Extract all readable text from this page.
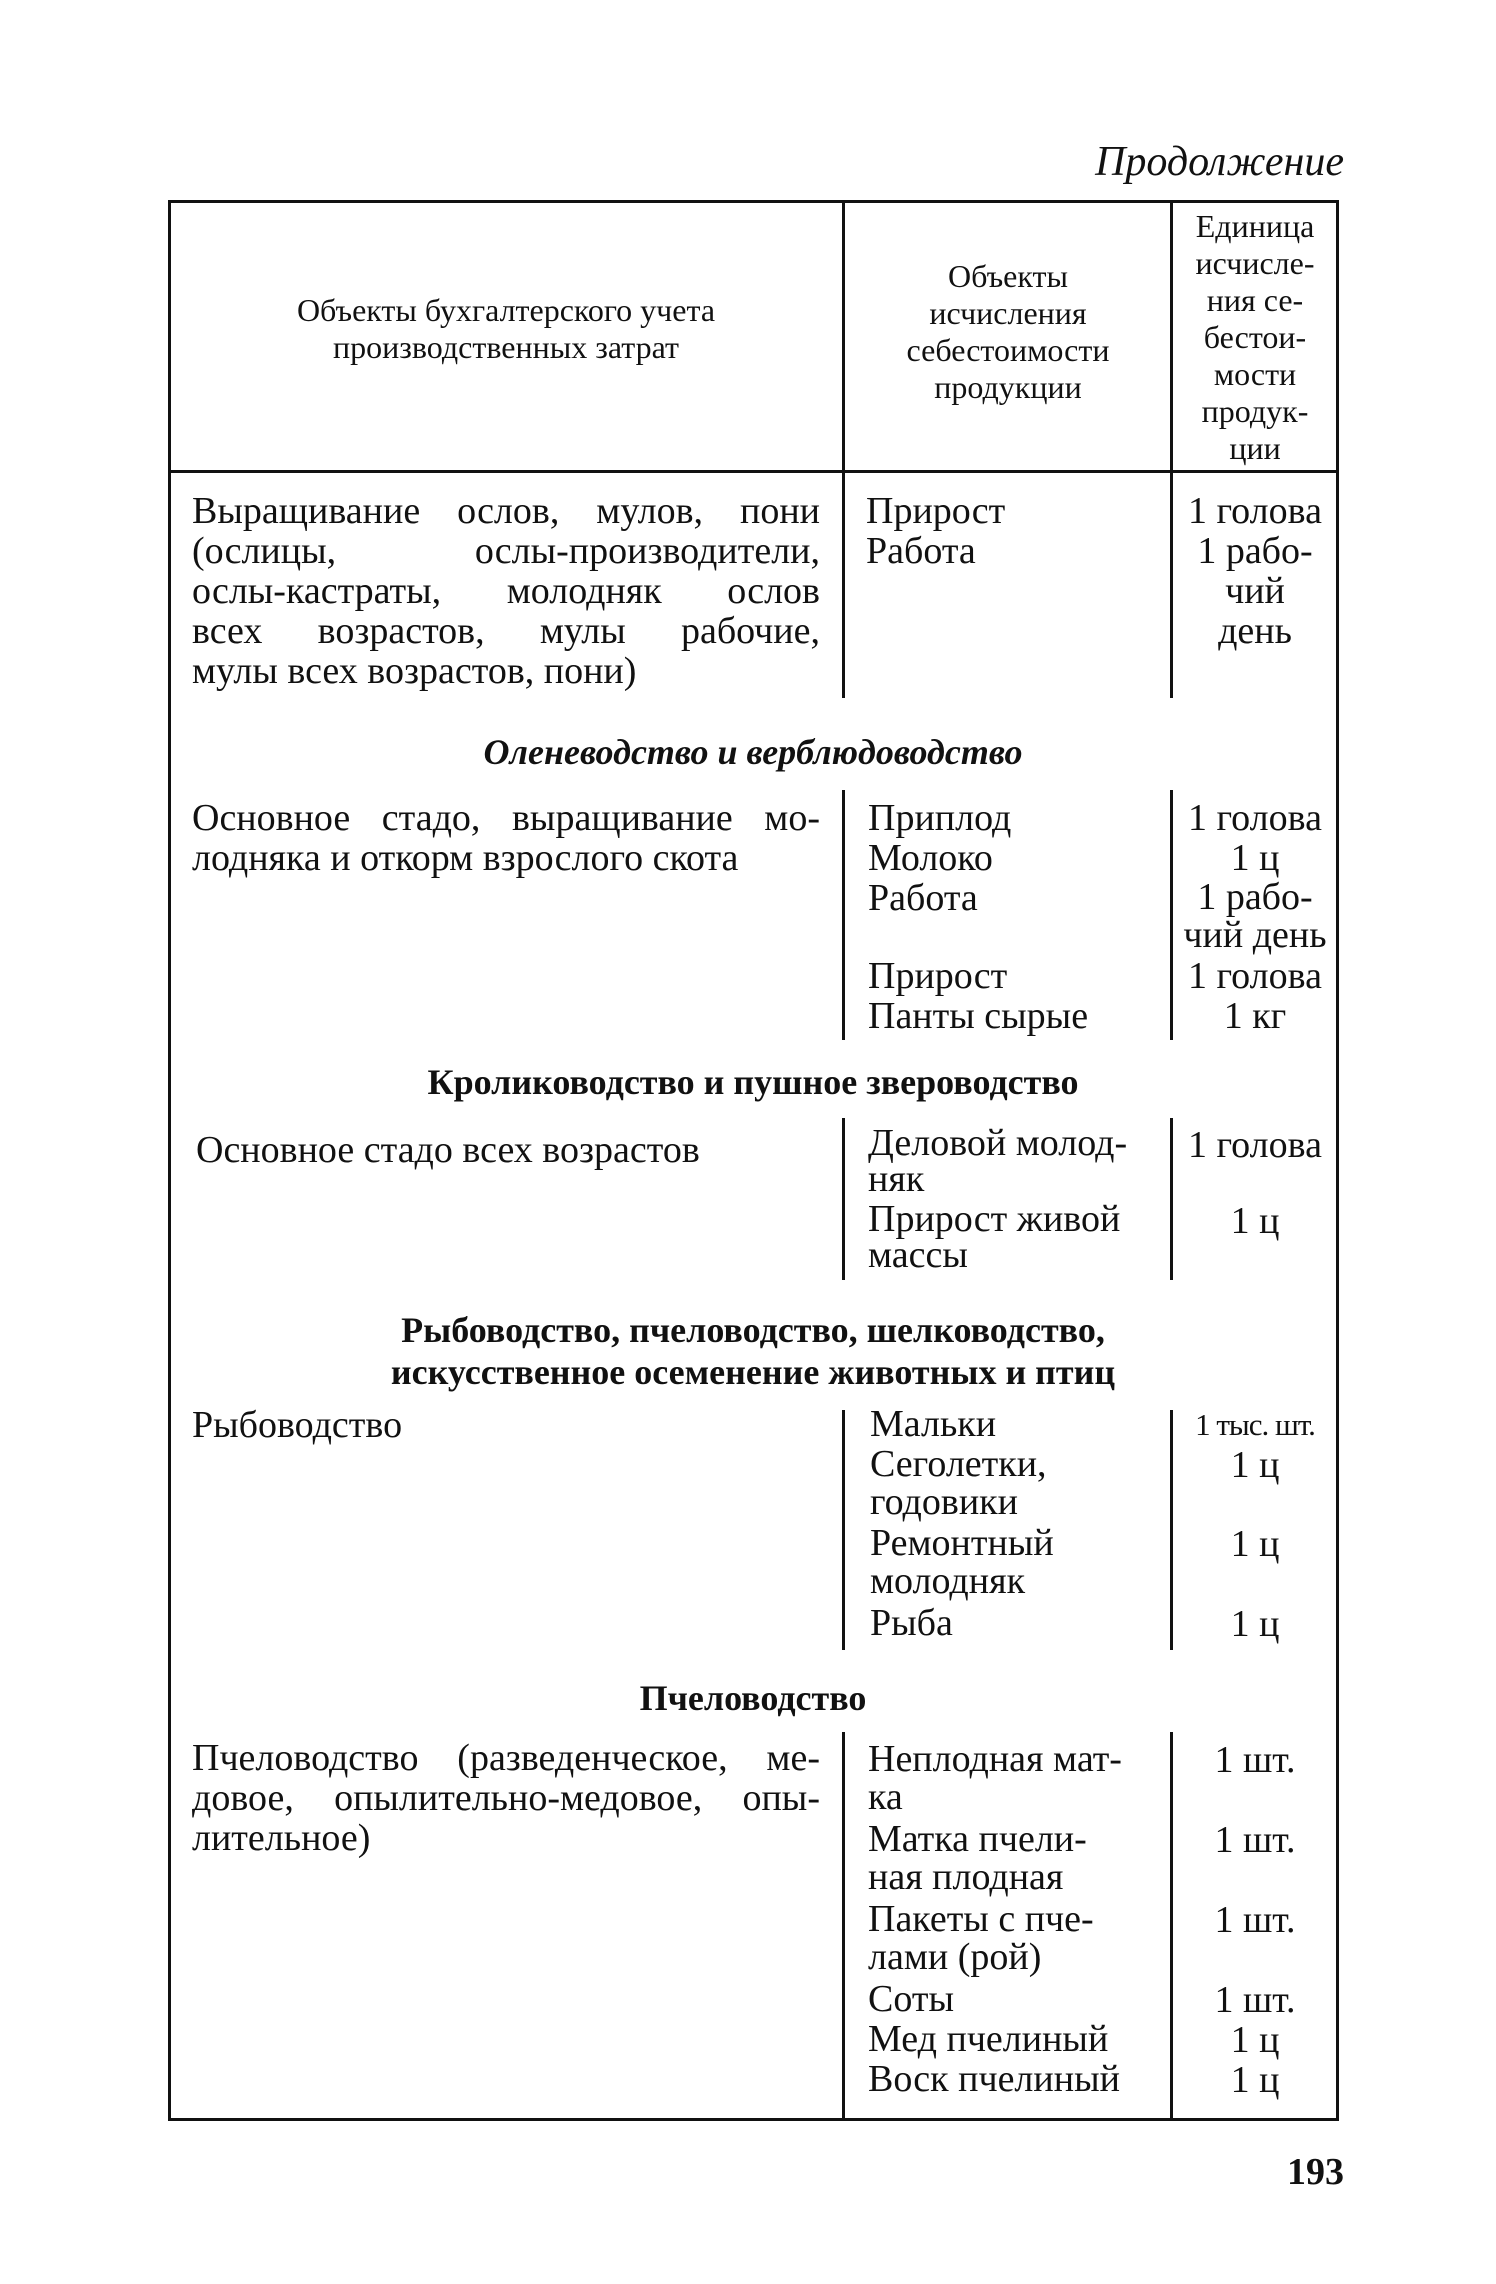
Продолжение
Объекты бухгалтерского учета
производственных затрат
Объекты
исчисления
себестоимости
продукции
Единица
исчисле-
ния се-
бестои-
мости
продук-
ции
Выращивание ослов, мулов, пони
(ослицы, ослы-производители,
ослы-кастраты, молодняк ослов
всех возрастов, мулы рабочие,
мулы всех возрастов, пони)
Прирост
Работа
1 голова
1 рабо-
чий
день
Оленеводство и верблюдоводство
Основное стадо, выращивание мо-
лодняка и откорм взрослого скота
Приплод
Молоко
Работа
Прирост
Панты сырые
1 голова
1 ц
1 рабо-
чий день
1 голова
1 кг
Кролиководство и пушное звероводство
Основное стадо всех возрастов	Деловой молод-
няк
Прирост живой
массы
1 голова
1 ц
Рыбоводство, пчеловодство, шелководство,
искусственное осеменение животных и птиц
Рыбоводство	Мальки
Сеголетки,
годовики
Ремонтный
молодняк
Рыба
1 тыс. шт.
1 ц
1 ц
1 ц
Пчеловодство
Пчеловодство (разведенческое, ме-
довое, опылительно-медовое, опы-
лительное)
Неплодная мат-
ка
Матка пчели-
ная плодная
Пакеты с пче-
лами (рой)
Соты
Мед пчелиный
Воск пчелиный
1 шт.
1 шт.
1 шт.
1 шт.
1 ц
1 ц
193
